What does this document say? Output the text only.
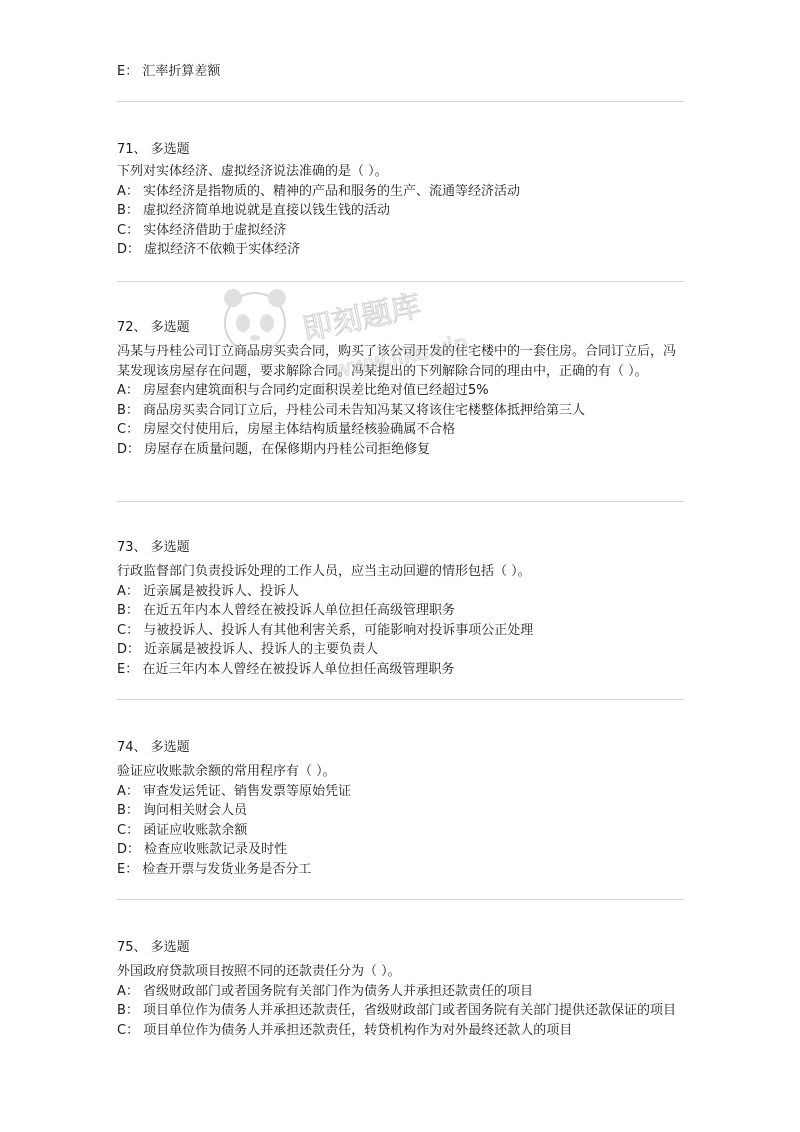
E： 汇率折算差额
71、 多选题
下列对实体经济、虚拟经济说法准确的是（ ）。
A： 实体经济是指物质的、精神的产品和服务的生产、流通等经济活动
B： 虚拟经济简单地说就是直接以钱生钱的活动
C： 实体经济借助于虚拟经济
D： 虚拟经济不依赖于实体经济
72、 多选题
冯某与丹桂公司订立商品房买卖合同，购买了该公司开发的住宅楼中的一套住房。合同订立后，冯某发现该房屋存在问题，要求解除合同。冯某提出的下列解除合同的理由中，正确的有（ ）。
A： 房屋套内建筑面积与合同约定面积误差比绝对值已经超过5%
B： 商品房买卖合同订立后，丹桂公司未告知冯某又将该住宅楼整体抵押给第三人
C： 房屋交付使用后，房屋主体结构质量经核验确属不合格
D： 房屋存在质量问题，在保修期内丹桂公司拒绝修复
73、 多选题
行政监督部门负责投诉处理的工作人员，应当主动回避的情形包括（ ）。
A： 近亲属是被投诉人、投诉人
B： 在近五年内本人曾经在被投诉人单位担任高级管理职务
C： 与被投诉人、投诉人有其他利害关系，可能影响对投诉事项公正处理
D： 近亲属是被投诉人、投诉人的主要负责人
E： 在近三年内本人曾经在被投诉人单位担任高级管理职务
74、 多选题
验证应收账款余额的常用程序有（ ）。
A： 审查发运凭证、销售发票等原始凭证
B： 询问相关财会人员
C： 函证应收账款余额
D： 检查应收账款记录及时性
E： 检查开票与发货业务是否分工
75、 多选题
外国政府贷款项目按照不同的还款责任分为（ ）。
A： 省级财政部门或者国务院有关部门作为债务人并承担还款责任的项目
B： 项目单位作为债务人并承担还款责任，省级财政部门或者国务院有关部门提供还款保证的项目
C： 项目单位作为债务人并承担还款责任，转贷机构作为对外最终还款人的项目
即刻题库
www.jike.vip
